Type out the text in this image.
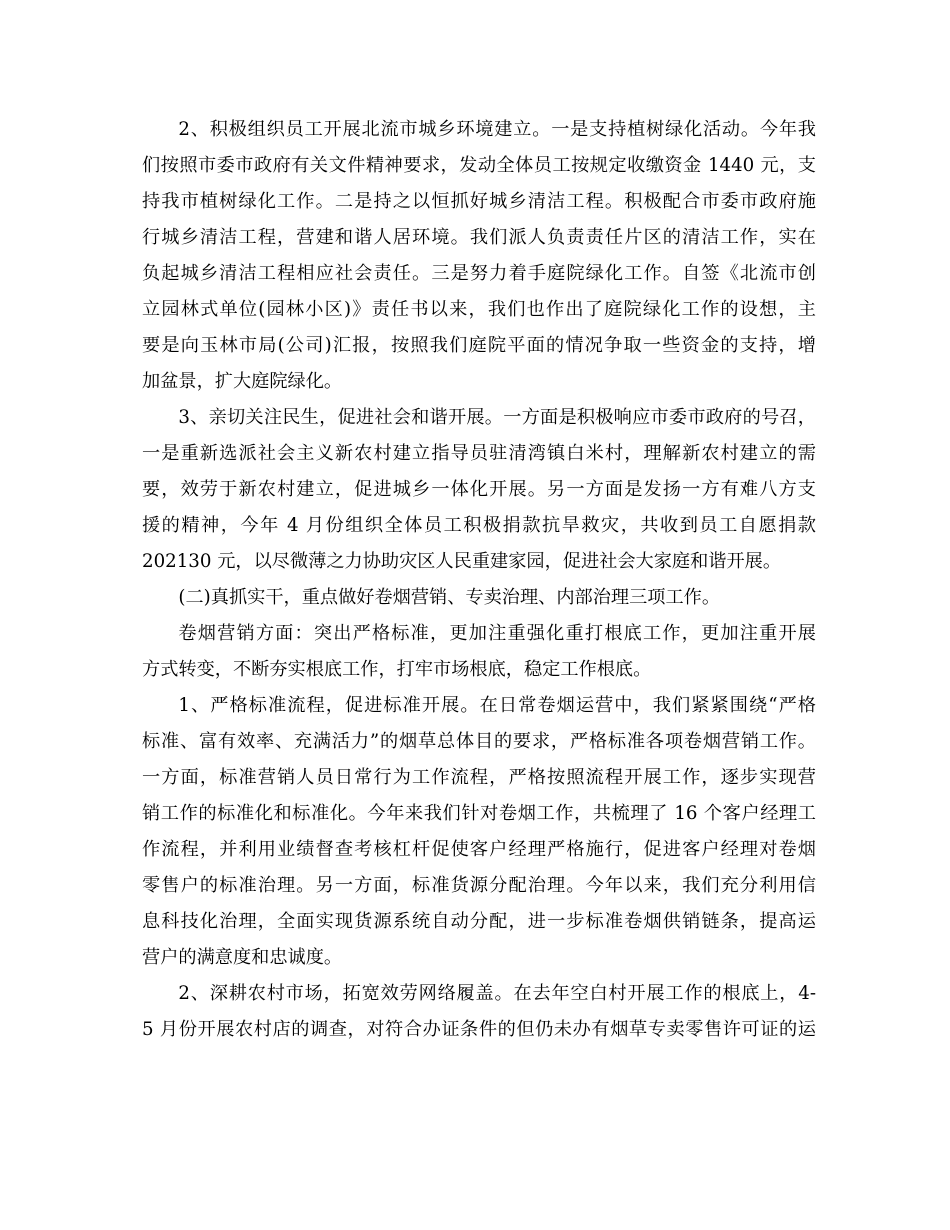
2、积极组织员工开展北流市城乡环境建立。一是支持植树绿化活动。今年我
们按照市委市政府有关文件精神要求，发动全体员工按规定收缴资金 1440 元，支
持我市植树绿化工作。二是持之以恒抓好城乡清洁工程。积极配合市委市政府施
行城乡清洁工程，营建和谐人居环境。我们派人负责责任片区的清洁工作，实在
负起城乡清洁工程相应社会责任。三是努力着手庭院绿化工作。自签《北流市创
立园林式单位(园林小区)》责任书以来，我们也作出了庭院绿化工作的设想，主
要是向玉林市局(公司)汇报，按照我们庭院平面的情况争取一些资金的支持，增
加盆景，扩大庭院绿化。
3、亲切关注民生，促进社会和谐开展。一方面是积极响应市委市政府的号召，
一是重新选派社会主义新农村建立指导员驻清湾镇白米村，理解新农村建立的需
要，效劳于新农村建立，促进城乡一体化开展。另一方面是发扬一方有难八方支
援的精神，今年 4 月份组织全体员工积极捐款抗旱救灾，共收到员工自愿捐款
202130 元，以尽微薄之力协助灾区人民重建家园，促进社会大家庭和谐开展。
(二)真抓实干，重点做好卷烟营销、专卖治理、内部治理三项工作。
卷烟营销方面：突出严格标准，更加注重强化重打根底工作，更加注重开展
方式转变，不断夯实根底工作，打牢市场根底，稳定工作根底。
1、严格标准流程，促进标准开展。在日常卷烟运营中，我们紧紧围绕“严格
标准、富有效率、充满活力”的烟草总体目的要求，严格标准各项卷烟营销工作。
一方面，标准营销人员日常行为工作流程，严格按照流程开展工作，逐步实现营
销工作的标准化和标准化。今年来我们针对卷烟工作，共梳理了 16 个客户经理工
作流程，并利用业绩督查考核杠杆促使客户经理严格施行，促进客户经理对卷烟
零售户的标准治理。另一方面，标准货源分配治理。今年以来，我们充分利用信
息科技化治理，全面实现货源系统自动分配，进一步标准卷烟供销链条，提高运
营户的满意度和忠诚度。
2、深耕农村市场，拓宽效劳网络履盖。在去年空白村开展工作的根底上，4-
5 月份开展农村店的调查，对符合办证条件的但仍未办有烟草专卖零售许可证的运
